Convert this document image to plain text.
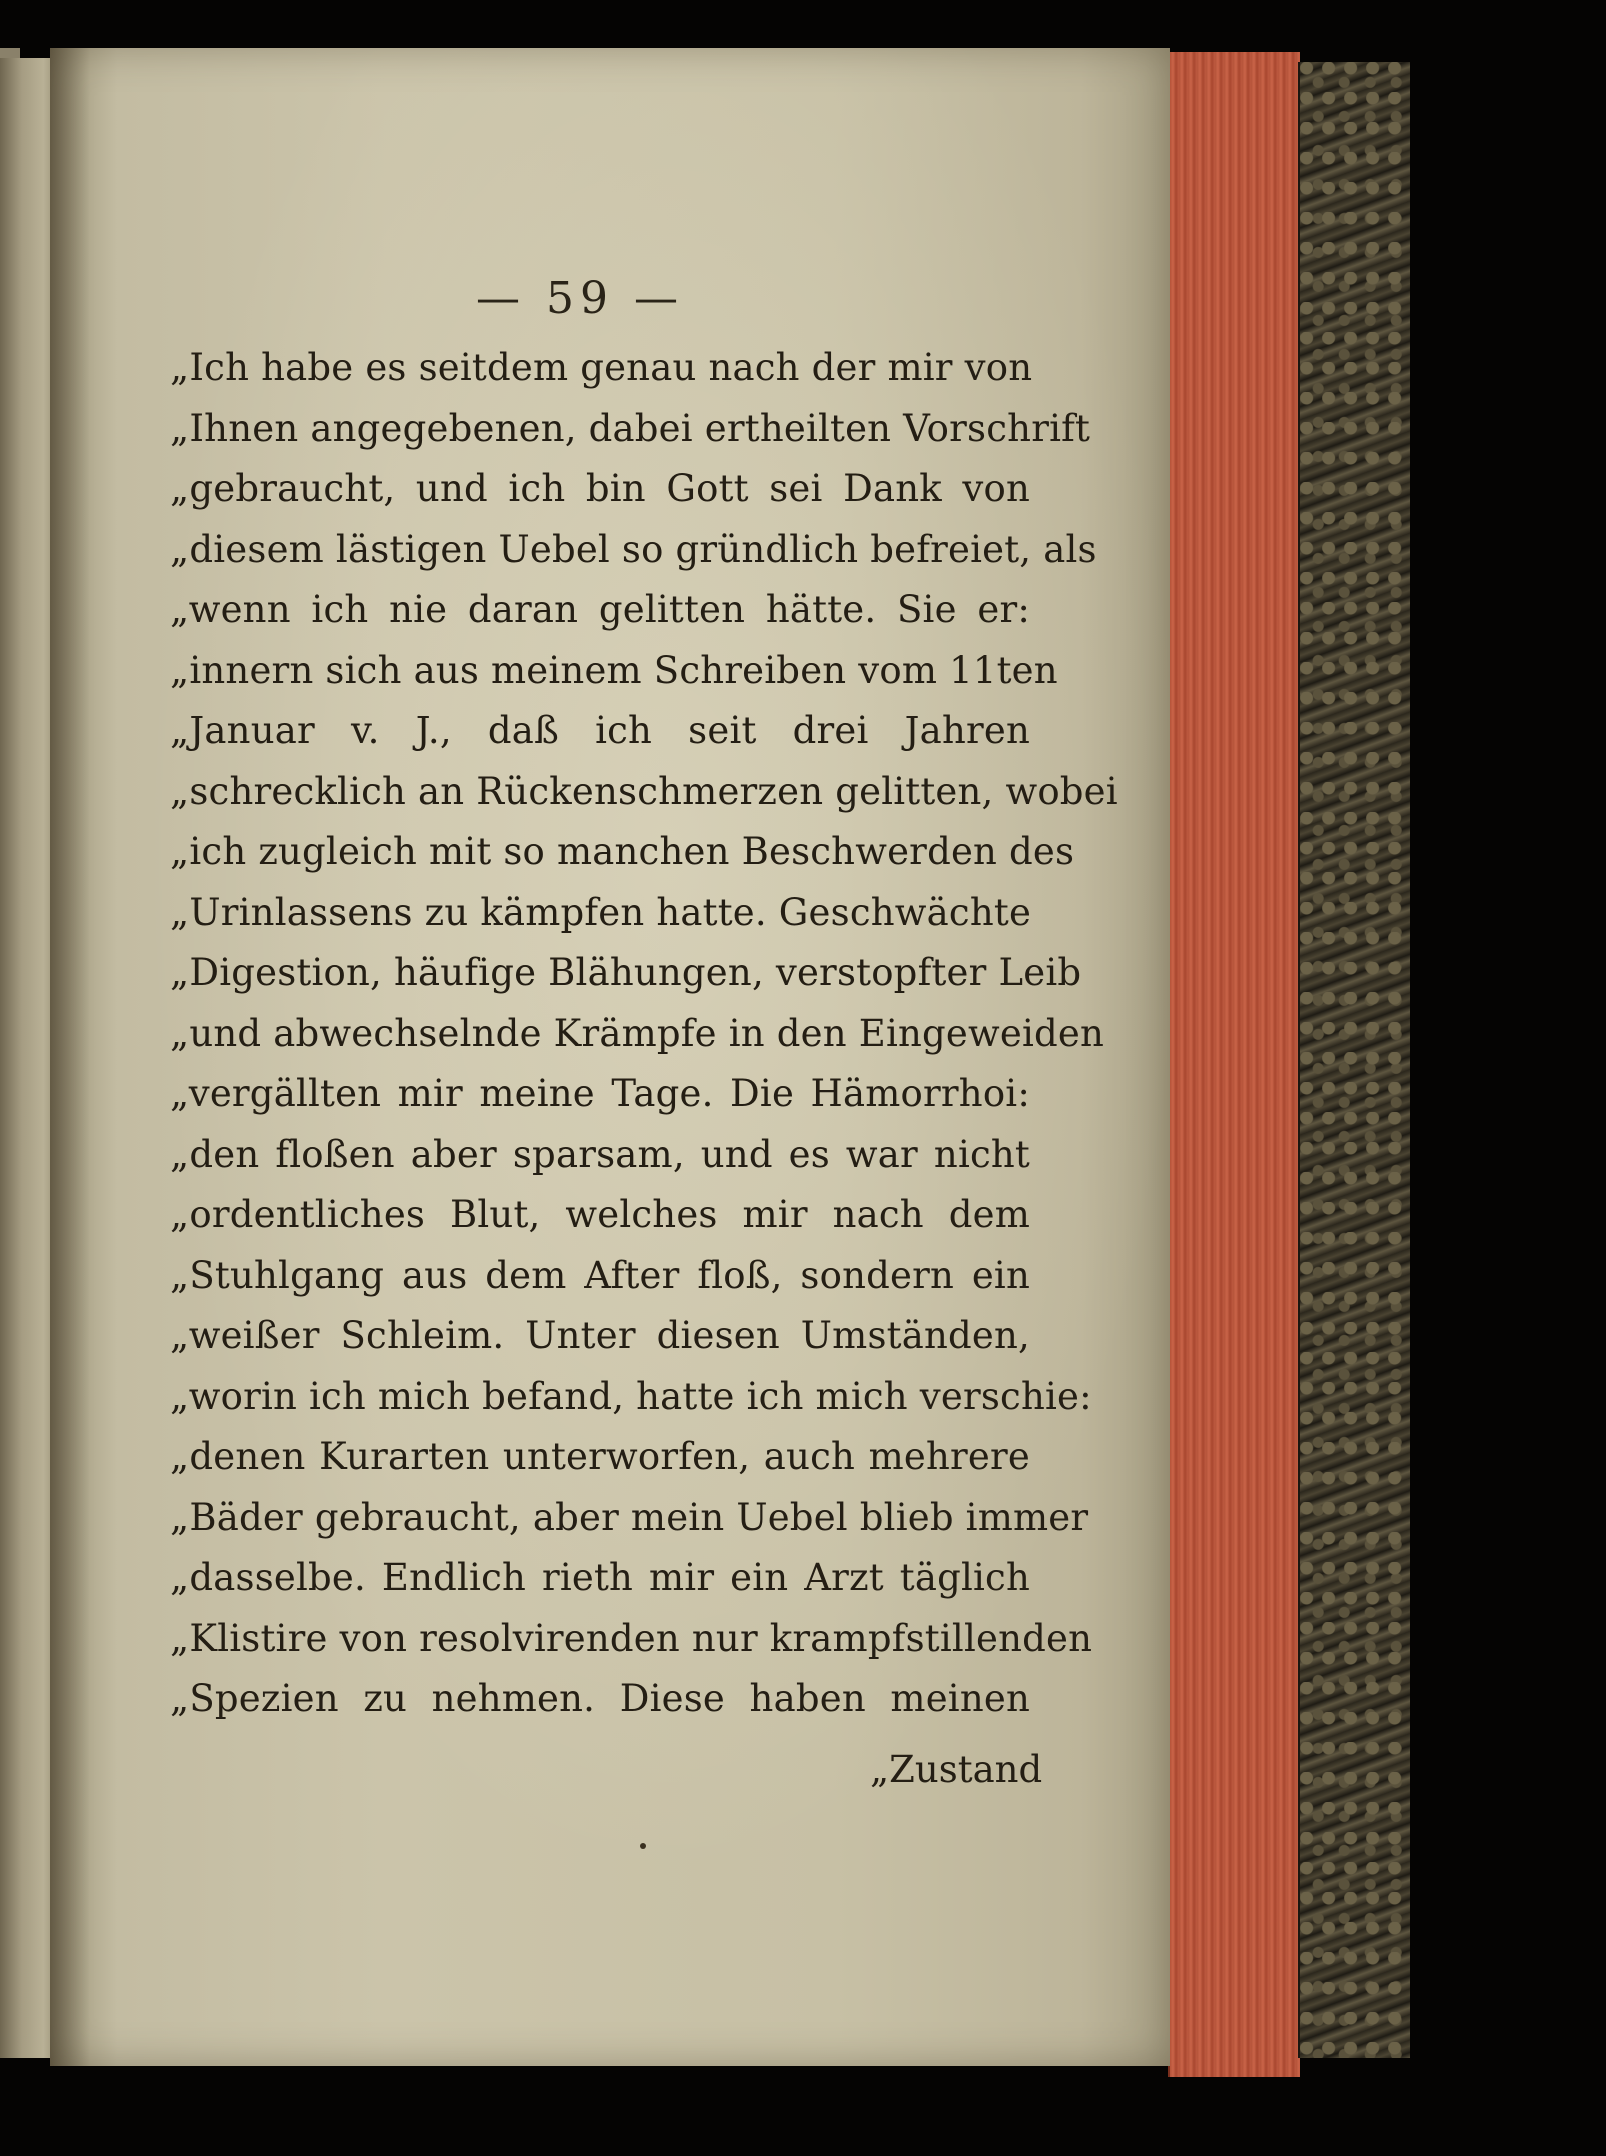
— 59 —
„Ich habe es seitdem genau nach der mir von
„Ihnen angegebenen, dabei ertheilten Vorschrift
„gebraucht, und ich bin Gott sei Dank von
„diesem lästigen Uebel so gründlich befreiet, als
„wenn ich nie daran gelitten hätte. Sie er:
„innern sich aus meinem Schreiben vom 11ten
„Januar v. J., daß ich seit drei Jahren
„schrecklich an Rückenschmerzen gelitten, wobei
„ich zugleich mit so manchen Beschwerden des
„Urinlassens zu kämpfen hatte. Geschwächte
„Digestion, häufige Blähungen, verstopfter Leib
„und abwechselnde Krämpfe in den Eingeweiden
„vergällten mir meine Tage. Die Hämorrhoi:
„den floßen aber sparsam, und es war nicht
„ordentliches Blut, welches mir nach dem
„Stuhlgang aus dem After floß, sondern ein
„weißer Schleim. Unter diesen Umständen,
„worin ich mich befand, hatte ich mich verschie:
„denen Kurarten unterworfen, auch mehrere
„Bäder gebraucht, aber mein Uebel blieb immer
„dasselbe. Endlich rieth mir ein Arzt täglich
„Klistire von resolvirenden nur krampfstillenden
„Spezien zu nehmen. Diese haben meinen
„Zustand
